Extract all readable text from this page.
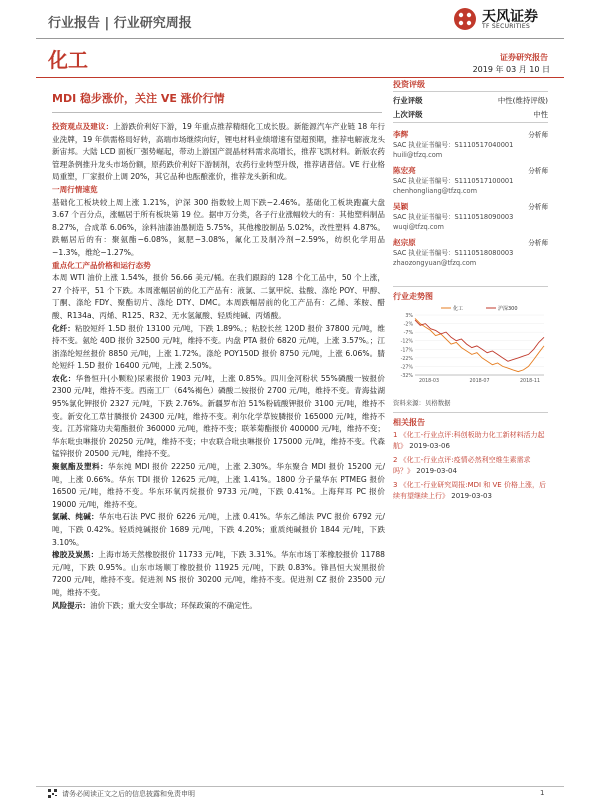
行业报告 | 行业研究周报	天风证券
TF SECURITIES
化工	证券研究报告
2019 年 03 月 10 日
MDI 稳步涨价，关注 VE 涨价行情

投资观点及建议：上游跌价利好下游，19 年重点推荐精细化工成长股。新能源汽车产业链 18 年行业洗牌，19 年供需格局好转，高端市场继续向好，锂电材料业绩增速有望超预期，推荐电解液龙头新宙邦。大陆 LCD 面板厂强势崛起，带动上游国产混晶材料需求高增长，推荐飞凯材料。新版农药管理条例推升龙头市场份额，原药跌价利好下游制剂，农药行业转型升级，推荐诸普信。VE 行业格局重塑，厂家报价上调 20%，其它品种也酝酿涨价，推荐龙头新和成。

一周行情速览

基础化工板块较上周上涨 1.21%，沪深 300 指数较上周下跌−2.46%。基础化工板块跑赢大盘 3.67 个百分点，涨幅居于所有板块第 19 位。据申万分类，各子行业涨幅较大的有：其他塑料制品 8.27%，合成革 6.06%，涂料油漆油墨制造 5.75%，其他橡胶制品 5.02%，改性塑料 4.87%。跌幅居后的有：聚氨酯−6.08%，氮肥−3.08%，氟化工及制冷剂−2.59%，纺织化学用品−1.3%，维纶−1.27%。

重点化工产品价格和运行态势

本周 WTI 油价上涨 1.54%，报价 56.66 美元/桶。在我们跟踪的 128 个化工品中，50 个上涨，27 个持平，51 个下跌。本周涨幅居前的化工产品有：液氯、二氯甲烷、盐酸、涤纶 POY、甲醇、丁酮、涤纶 FDY、聚酯切片、涤纶 DTY、DMC。本周跌幅居前的化工产品有：乙烯、苯胺、醋酸、R134a、丙烯、R125、R32、无水氢氟酸、轻质纯碱、丙烯酸。

化纤：粘胶短纤 1.5D 报价 13100 元/吨，下跌 1.89%。；粘胶长丝 120D 报价 37800 元/吨，维持不变。氨纶 40D 报价 32500 元/吨，维持不变。内盘 PTA 报价 6820 元/吨，上涨 3.57%。；江浙涤纶短丝报价 8850 元/吨，上涨 1.72%。涤纶 POY150D 报价 8750 元/吨，上涨 6.06%。腈纶短纤 1.5D 报价 16400 元/吨，上涨 2.50%。

农化：华鲁恒升(小颗粒)尿素报价 1903 元/吨，上涨 0.85%。四川金河粉状 55%磷酸一铵报价 2300 元/吨，维持不变。西南工厂（64%褐色）磷酸二铵报价 2700 元/吨，维持不变。青海盐湖 95%氯化钾报价 2327 元/吨，下跌 2.76%。新疆罗布泊 51%粉硫酸钾报价 3100 元/吨，维持不变。新安化工草甘膦报价 24300 元/吨，维持不变。利尔化学草铵膦报价 165000 元/吨，维持不变。江苏常隆功夫菊酯报价 360000 元/吨，维持不变；联苯菊酯报价 400000 元/吨，维持不变；华东吡虫啉报价 20250 元/吨，维持不变；中农联合吡虫啉报价 175000 元/吨，维持不变。代森锰锌报价 20500 元/吨，维持不变。

聚氨酯及塑料：华东纯 MDI 报价 22250 元/吨，上涨 2.30%。华东聚合 MDI 报价 15200 元/吨，上涨 0.66%。华东 TDI 报价 12625 元/吨，上涨 1.41%。1800 分子量华东 PTMEG 报价 16500 元/吨，维持不变。华东环氧丙烷报价 9733 元/吨，下跌 0.41%。上海拜耳 PC 报价 19000 元/吨，维持不变。

氯碱、纯碱：华东电石法 PVC 报价 6226 元/吨，上涨 0.41%。华东乙烯法 PVC 报价 6792 元/吨，下跌 0.42%。轻质纯碱报价 1689 元/吨，下跌 4.20%；重质纯碱报价 1844 元/吨，下跌 3.10%。

橡胶及炭黑：上海市场天然橡胶报价 11733 元/吨，下跌 3.31%。华东市场丁苯橡胶报价 11788 元/吨，下跌 0.95%。山东市场顺丁橡胶报价 11925 元/吨，下跌 0.83%。锋昌恒大炭黑报价 7200 元/吨，维持不变。促进剂 NS 报价 30200 元/吨，维持不变。促进剂 CZ 报价 23500 元/吨，维持不变。

风险提示：油价下跌；重大安全事故；环保政策的不确定性。

投资评级
行业评级	中性(维持评级)
上次评级	中性
李辉	分析师
SAC 执业证书编号：S1110517040001
huili@tfzq.com
陈宏亮	分析师
SAC 执业证书编号：S1110517100001
chenhongliang@tfzq.com
吴颖	分析师
SAC 执业证书编号：S1110518090003
wuqi@tfzq.com
赵宗原	分析师
SAC 执业证书编号：S1110518080003
zhaozongyuan@tfzq.com
行业走势图
3%
-2%
-7%
-12%
-17%
-22%
-27%
-32%
2018-03	2018-07	2018-11
化工	沪深300
资料来源：贝格数据
相关报告
1 《化工-行业点评:科创板助力化工新材料活力起航》 2019-03-06
2 《化工-行业点评:疫情必然利空维生素需求吗？》 2019-03-04
3 《化工-行业研究周报:MDI 和 VE 价格上涨，后续有望继续上行》 2019-03-03
请务必阅读正文之后的信息披露和免责申明	1
